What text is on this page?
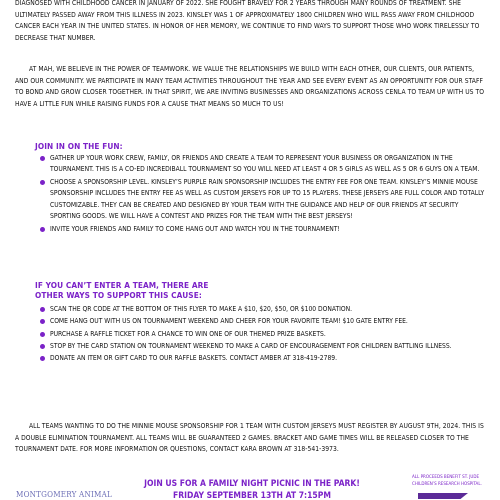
DIAGNOSED WITH CHILDHOOD CANCER IN JANUARY OF 2022. SHE FOUGHT BRAVELY FOR 2 YEARS THROUGH MANY ROUNDS OF TREATMENT. SHE ULTIMATELY PASSED AWAY FROM THIS ILLNESS IN 2023. KINSLEY WAS 1 OF APPROXIMATELY 1800 CHILDREN WHO WILL PASS AWAY FROM CHILDHOOD CANCER EACH YEAR IN THE UNITED STATES. IN HONOR OF HER MEMORY, WE CONTINUE TO FIND WAYS TO SUPPORT THOSE WHO WORK TIRELESSLY TO DECREASE THAT NUMBER.

AT MAH, WE BELIEVE IN THE POWER OF TEAMWORK. WE VALUE THE RELATIONSHIPS WE BUILD WITH EACH OTHER, OUR CLIENTS, OUR PATIENTS, AND OUR COMMUNITY. WE PARTICIPATE IN MANY TEAM ACTIVITIES THROUGHOUT THE YEAR AND SEE EVERY EVENT AS AN OPPORTUNITY FOR OUR STAFF TO BOND AND GROW CLOSER TOGETHER. IN THAT SPIRIT, WE ARE INVITING BUSINESSES AND ORGANIZATIONS ACROSS CENLA TO TEAM UP WITH US TO HAVE A LITTLE FUN WHILE RAISING FUNDS FOR A CAUSE THAT MEANS SO MUCH TO US!

JOIN IN ON THE FUN:
GATHER UP YOUR WORK CREW, FAMILY, OR FRIENDS AND CREATE A TEAM TO REPRESENT YOUR BUSINESS OR ORGANIZATION IN THE TOURNAMENT. THIS IS A CO-ED INCREDIBALL TOURNAMENT SO YOU WILL NEED AT LEAST 4 OR 5 GIRLS AS WELL AS 5 OR 6 GUYS ON A TEAM.
CHOOSE A SPONSORSHIP LEVEL. KINSLEY’S PURPLE RAIN SPONSORSHIP INCLUDES THE ENTRY FEE FOR ONE TEAM. KINSLEY’S MINNIE MOUSE SPONSORSHIP INCLUDES THE ENTRY FEE AS WELL AS CUSTOM JERSEYS FOR UP TO 15 PLAYERS. THESE JERSEYS ARE FULL COLOR AND TOTALLY CUSTOMIZABLE. THEY CAN BE CREATED AND DESIGNED BY YOUR TEAM WITH THE GUIDANCE AND HELP OF OUR FRIENDS AT SECURITY SPORTING GOODS. WE WILL HAVE A CONTEST AND PRIZES FOR THE TEAM WITH THE BEST JERSEYS!
INVITE YOUR FRIENDS AND FAMILY TO COME HANG OUT AND WATCH YOU IN THE TOURNAMENT!
IF YOU CAN’T ENTER A TEAM, THERE ARE
OTHER WAYS TO SUPPORT THIS CAUSE:
SCAN THE QR CODE AT THE BOTTOM OF THIS FLYER TO MAKE A $10, $20, $50, OR $100 DONATION.
COME HANG OUT WITH US ON TOURNAMENT WEEKEND AND CHEER FOR YOUR FAVORITE TEAM! $10 GATE ENTRY FEE.
PURCHASE A RAFFLE TICKET FOR A CHANCE TO WIN ONE OF OUR THEMED PRIZE BASKETS.
STOP BY THE CARD STATION ON TOURNAMENT WEEKEND TO MAKE A CARD OF ENCOURAGEMENT FOR CHILDREN BATTLING ILLNESS.
DONATE AN ITEM OR GIFT CARD TO OUR RAFFLE BASKETS. CONTACT AMBER AT 318-419-2789.

ALL TEAMS WANTING TO DO THE MINNIE MOUSE SPONSORSHIP FOR 1 TEAM WITH CUSTOM JERSEYS MUST REGISTER BY AUGUST 9TH, 2024. THIS IS A DOUBLE ELIMINATION TOURNAMENT. ALL TEAMS WILL BE GUARANTEED 2 GAMES. BRACKET AND GAME TIMES WILL BE RELEASED CLOSER TO THE TOURNAMENT DATE. FOR MORE INFORMATION OR QUESTIONS, CONTACT KARA BROWN AT 318-541-3973.

MONTGOMERY ANIMAL
JOIN US FOR A FAMILY NIGHT PICNIC IN THE PARK!
FRIDAY SEPTEMBER 13TH AT 7:15PM
ALL PROCEEDS BENEFIT ST. JUDE CHILDREN’S RESEARCH HOSPITAL.
